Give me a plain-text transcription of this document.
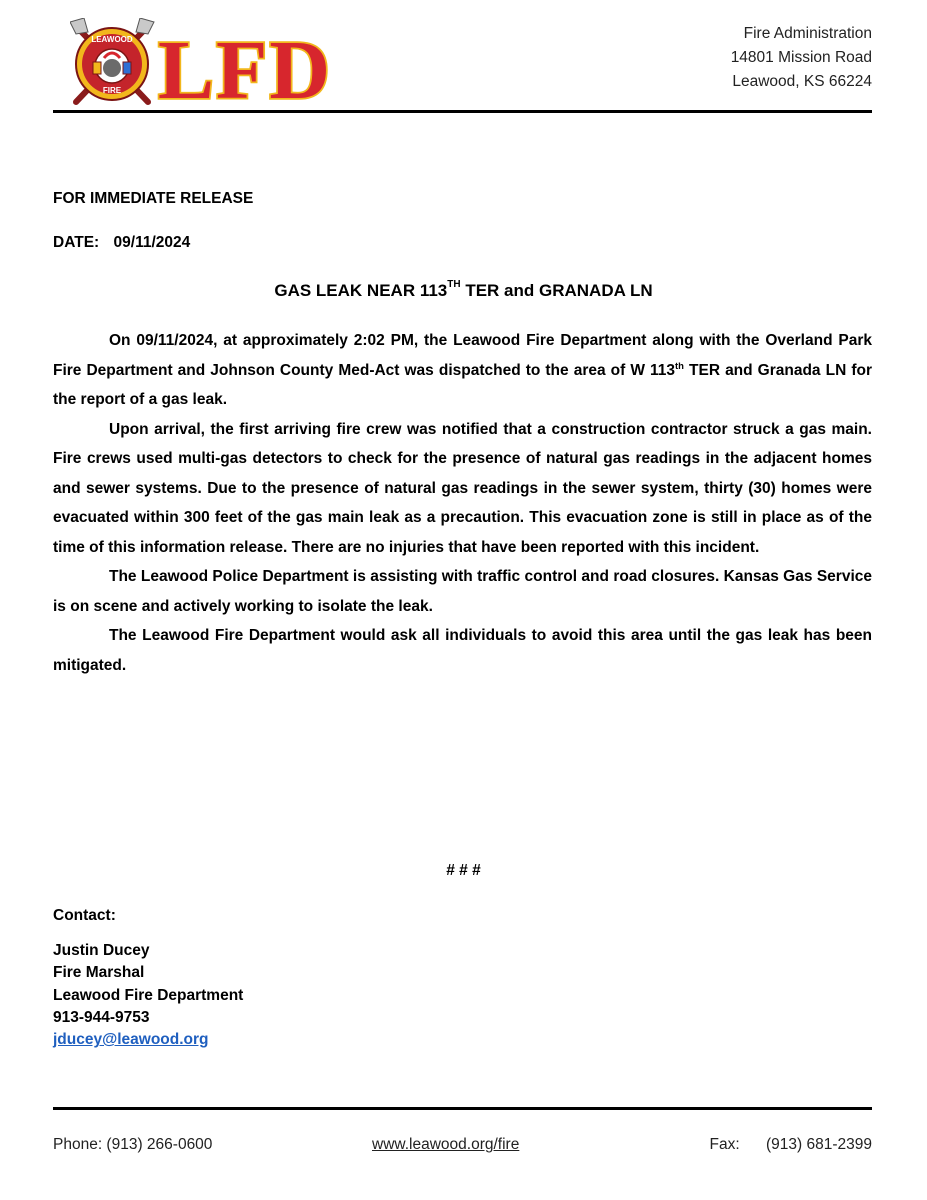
LEAWOOD
FIRE LFD	Fire Administration
14801 Mission Road
Leawood, KS 66224
FOR IMMEDIATE RELEASE
DATE: 09/11/2024
GAS LEAK NEAR 113TH TER and GRANADA LN

On 09/11/2024, at approximately 2:02 PM, the Leawood Fire Department along with the Overland Park Fire Department and Johnson County Med-Act was dispatched to the area of W 113th TER and Granada LN for the report of a gas leak.

Upon arrival, the first arriving fire crew was notified that a construction contractor struck a gas main. Fire crews used multi-gas detectors to check for the presence of natural gas readings in the adjacent homes and sewer systems. Due to the presence of natural gas readings in the sewer system, thirty (30) homes were evacuated within 300 feet of the gas main leak as a precaution. This evacuation zone is still in place as of the time of this information release. There are no injuries that have been reported with this incident.

The Leawood Police Department is assisting with traffic control and road closures. Kansas Gas Service is on scene and actively working to isolate the leak.

The Leawood Fire Department would ask all individuals to avoid this area until the gas leak has been mitigated.

# # #
Contact:
Justin Ducey
Fire Marshal
Leawood Fire Department
913-944-9753
jducey@leawood.org
Phone: (913) 266-0600	www.leawood.org/fire	Fax: (913) 681-2399
